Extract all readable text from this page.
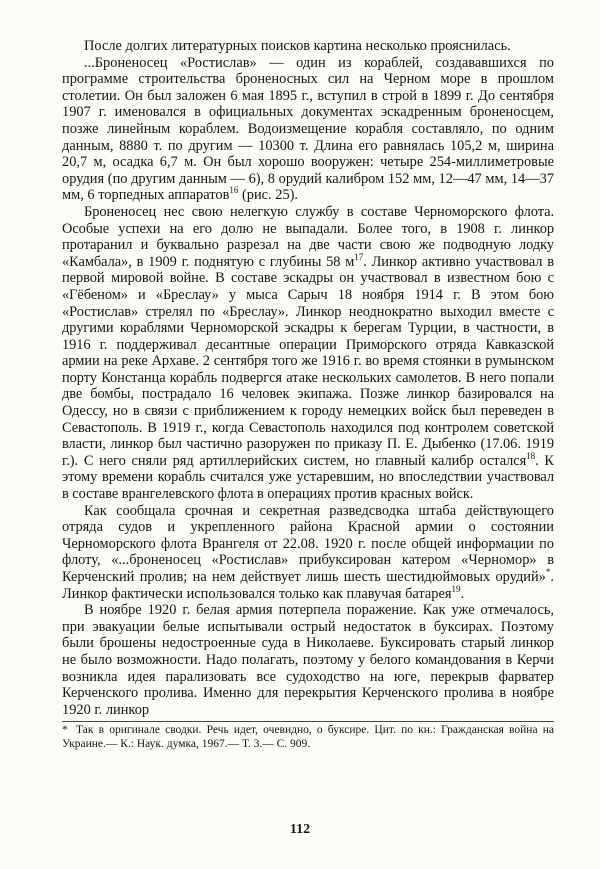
После долгих литературных поисков картина несколько прояснилась.

...Броненосец «Ростислав» — один из кораблей, создававшихся по программе строительства броненосных сил на Черном море в прошлом столетии. Он был заложен 6 мая 1895 г., вступил в строй в 1899 г. До сентября 1907 г. именовался в официальных документах эскадренным броненосцем, позже линейным кораблем. Водоизмещение корабля составляло, по одним данным, 8880 т. по другим — 10300 т. Длина его равнялась 105,2 м, ширина 20,7 м, осадка 6,7 м. Он был хорошо вооружен: четыре 254-миллиметровые орудия (по другим данным — 6), 8 орудий калибром 152 мм, 12—47 мм, 14—37 мм, 6 торпедных аппаратов$^{16}$ (рис. 25).

Броненосец нес свою нелегкую службу в составе Черноморского флота. Особые успехи на его долю не выпадали. Более того, в 1908 г. линкор протаранил и буквально разрезал на две части свою же подводную лодку «Камбала», в 1909 г. поднятую с глубины 58 $м^{17}$. Линкор активно участвовал в первой мировой войне. В составе эскадры он участвовал в известном бою с «Гёбеном» и «Бреслау» у мыса Сарыч 18 ноября 1914 г. В этом бою «Ростислав» стрелял по «Бреслау». Линкор неоднократно выходил вместе с другими кораблями Черноморской эскадры к берегам Турции, в частности, в 1916 г. поддерживал десантные операции Приморского отряда Кавказской армии на реке Архаве. 2 сентября того же 1916 г. во время стоянки в румынском порту Констанца корабль подвергся атаке нескольких самолетов. В него попали две бомбы, пострадало 16 человек экипажа. Позже линкор базировался на Одессу, но в связи с приближением к городу немецких войск был переведен в Севастополь. В 1919 г., когда Севастополь находился под контролем советской власти, линкор был частично разоружен по приказу П. Е. Дыбенко (17.06. 1919 г.). С него сняли ряд артиллерийских систем, но главный калибр остался$^{18}$. К этому времени корабль считался уже устаревшим, но впоследствии участвовал в составе врангелевского флота в операциях против красных войск.

Как сообщала срочная и секретная разведсводка штаба действующего отряда судов и укрепленного района Красной армии о состоянии Черноморского флота Врангеля от 22.08. 1920 г. после общей информации по флоту, «...броненосец «Ростислав» прибуксирован катером «Черномор» в Керченский пролив; на нем действует лишь шесть шестидюймовых орудий»*. Линкор фактически использовался только как плавучая батарея$^{19}$.

В ноябре 1920 г. белая армия потерпела поражение. Как уже отмечалось, при эвакуации белые испытывали острый недостаток в буксирах. Поэтому были брошены недостроенные суда в Николаеве. Буксировать старый линкор не было возможности. Надо полагать, поэтому у белого командования в Керчи возникла идея парализовать все судоходство на юге, перекрыв фарватер Керченского пролива. Именно для перекрытия Керченского пролива в ноябре 1920 г. линкор

* Так в оригинале сводки. Речь идет, очевидно, о буксире. Цит. по кн.: Гражданская война на Украине.— К.: Наук. думка, 1967.— Т. 3.— С. 909.
112
